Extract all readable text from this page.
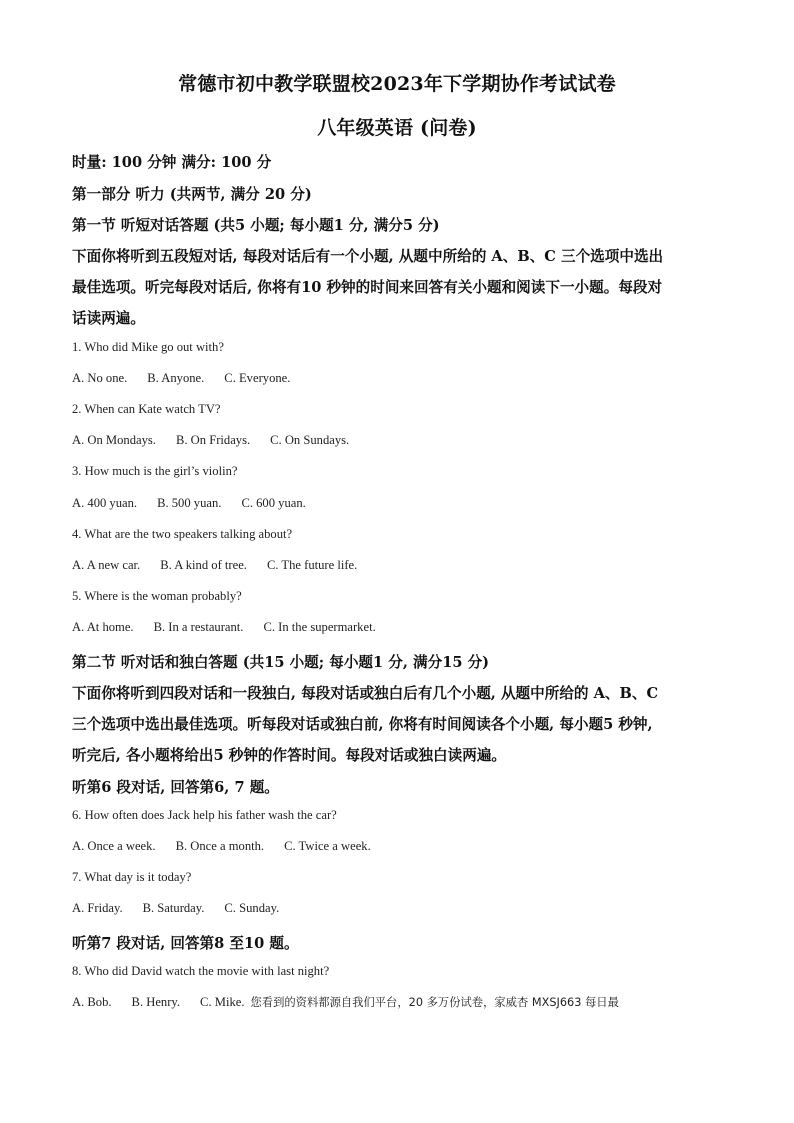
常德市初中教学联盟校2023年下学期协作考试试卷
八年级英语 (问卷)
时量: 100 分钟 满分: 100 分
第一部分 听力 (共两节, 满分 20 分)
第一节 听短对话答题 (共5 小题; 每小题1 分, 满分5 分)
下面你将听到五段短对话, 每段对话后有一个小题, 从题中所给的 A、B、C 三个选项中选出
最佳选项。听完每段对话后, 你将有10 秒钟的时间来回答有关小题和阅读下一小题。每段对
话读两遍。
1. Who did Mike go out with?
A. No one. B. Anyone. C. Everyone.
2. When can Kate watch TV?
A. On Mondays. B. On Fridays. C. On Sundays.
3. How much is the girl’s violin?
A. 400 yuan. B. 500 yuan. C. 600 yuan.
4. What are the two speakers talking about?
A. A new car. B. A kind of tree. C. The future life.
5. Where is the woman probably?
A. At home. B. In a restaurant. C. In the supermarket.
第二节 听对话和独白答题 (共15 小题; 每小题1 分, 满分15 分)
下面你将听到四段对话和一段独白, 每段对话或独白后有几个小题, 从题中所给的 A、B、C
三个选项中选出最佳选项。听每段对话或独白前, 你将有时间阅读各个小题, 每小题5 秒钟,
听完后, 各小题将给出5 秒钟的作答时间。每段对话或独白读两遍。
听第6 段对话, 回答第6, 7 题。
6. How often does Jack help his father wash the car?
A. Once a week. B. Once a month. C. Twice a week.
7. What day is it today?
A. Friday. B. Saturday. C. Sunday.
听第7 段对话, 回答第8 至10 题。
8. Who did David watch the movie with last night?
A. Bob. B. Henry. C. Mike. 您看到的资料都源自我们平台，20 多万份试卷，家威杏 MXSJ663 每日最
